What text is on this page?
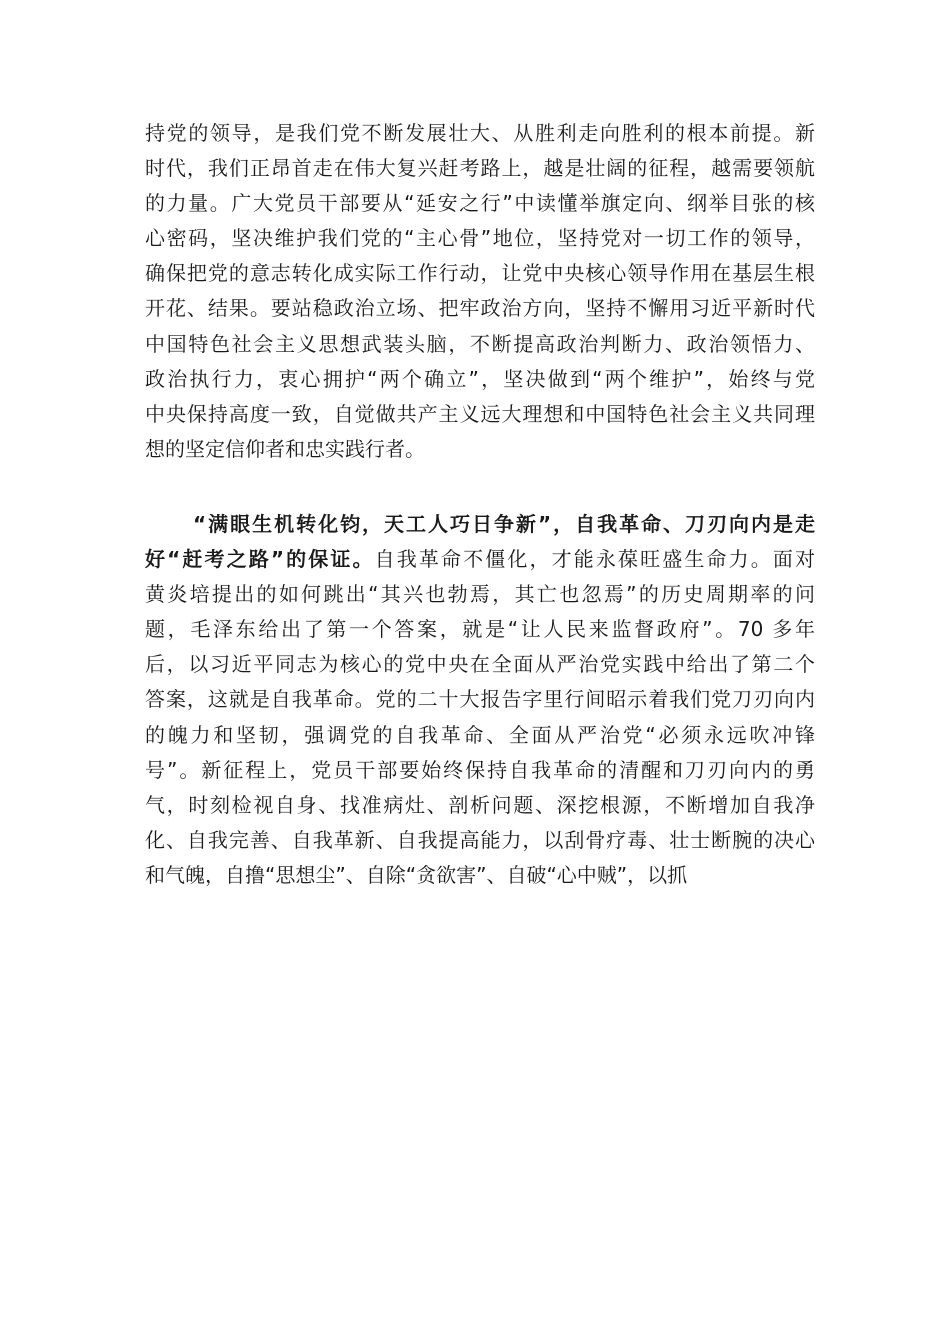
持党的领导，是我们党不断发展壮大、从胜利走向胜利的根本前提。新
时代，我们正昂首走在伟大复兴赶考路上，越是壮阔的征程，越需要领航
的力量。广大党员干部要从“延安之行”中读懂举旗定向、纲举目张的核
心密码，坚决维护我们党的“主心骨”地位，坚持党对一切工作的领导，
确保把党的意志转化成实际工作行动，让党中央核心领导作用在基层生根
开花、结果。要站稳政治立场、把牢政治方向，坚持不懈用习近平新时代
中国特色社会主义思想武装头脑，不断提高政治判断力、政治领悟力、
政治执行力，衷心拥护“两个确立”，坚决做到“两个维护”，始终与党
中央保持高度一致，自觉做共产主义远大理想和中国特色社会主义共同理
想的坚定信仰者和忠实践行者。
“满眼生机转化钧，天工人巧日争新”，自我革命、刀刃向内是走
好“赶考之路”的保证。自我革命不僵化，才能永葆旺盛生命力。面对
黄炎培提出的如何跳出“其兴也勃焉，其亡也忽焉”的历史周期率的问
题，毛泽东给出了第一个答案，就是“让人民来监督政府”。70 多年
后，以习近平同志为核心的党中央在全面从严治党实践中给出了第二个
答案，这就是自我革命。党的二十大报告字里行间昭示着我们党刀刃向内
的魄力和坚韧，强调党的自我革命、全面从严治党“必须永远吹冲锋
号”。新征程上，党员干部要始终保持自我革命的清醒和刀刃向内的勇
气，时刻检视自身、找准病灶、剖析问题、深挖根源，不断增加自我净
化、自我完善、自我革新、自我提高能力，以刮骨疗毒、壮士断腕的决心
和气魄，自撸“思想尘”、自除“贪欲害”、自破“心中贼”，以抓
